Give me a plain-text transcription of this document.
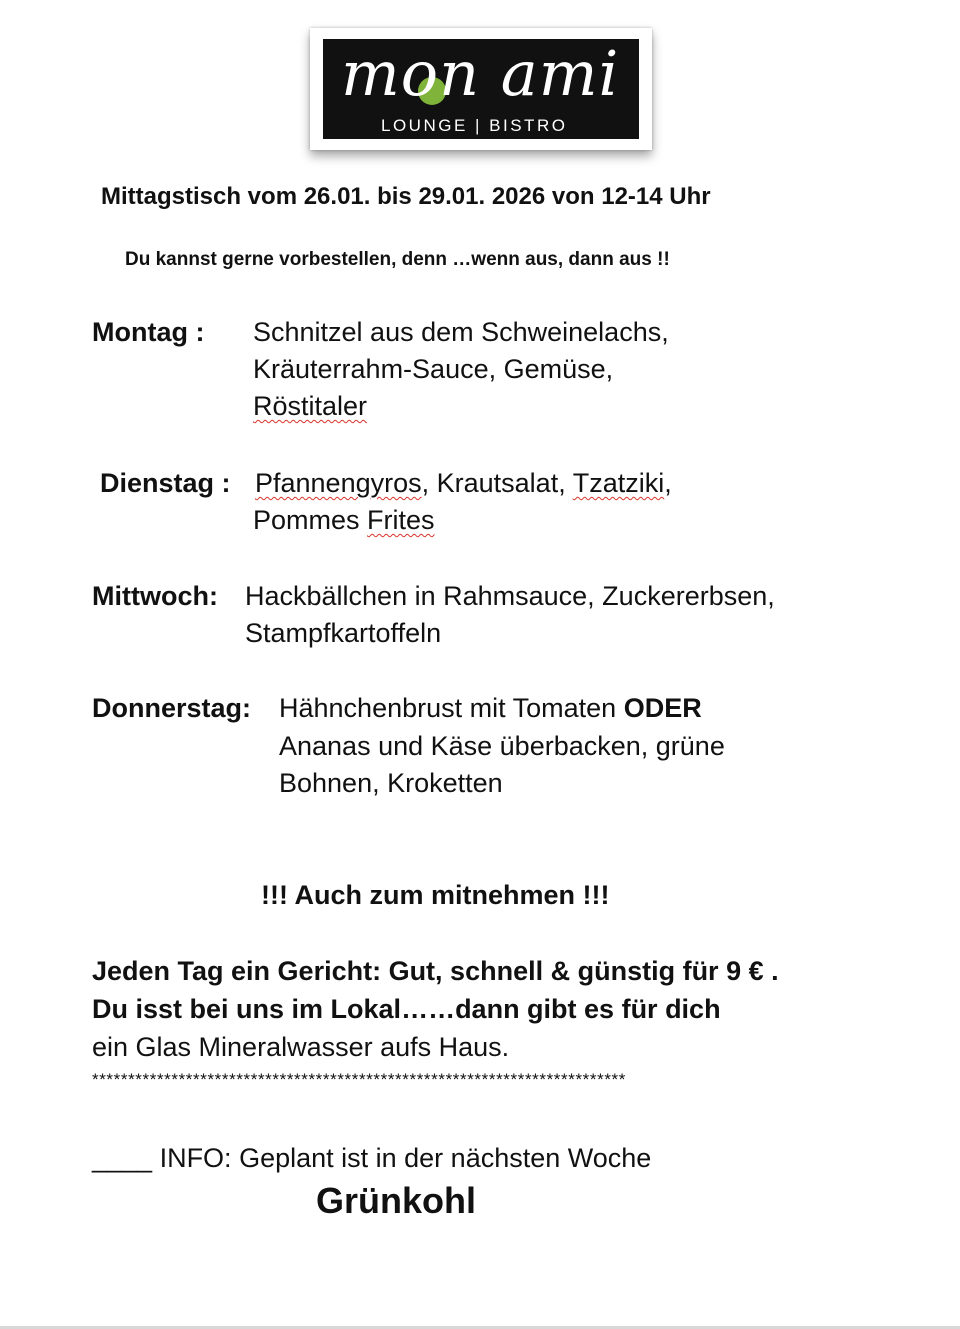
mon ami
LOUNGE | BISTRO
Mittagstisch vom 26.01. bis 29.01. 2026 von 12-14 Uhr
Du kannst gerne vorbestellen, denn …wenn aus, dann aus !!
Montag : Schnitzel aus dem Schweinelachs,
Kräuterrahm-Sauce, Gemüse,
Röstitaler
Dienstag : Pfannengyros, Krautsalat, Tzatziki,
Pommes Frites
Mittwoch: Hackbällchen in Rahmsauce, Zuckererbsen,
Stampfkartoffeln
Donnerstag: Hähnchenbrust mit Tomaten ODER
Ananas und Käse überbacken, grüne
Bohnen, Kroketten
!!! Auch zum mitnehmen !!!
Jeden Tag ein Gericht: Gut, schnell & günstig für 9 € .
Du isst bei uns im Lokal……dann gibt es für dich
ein Glas Mineralwasser aufs Haus.
**************************************************************************
____ INFO: Geplant ist in der nächsten Woche
Grünkohl
